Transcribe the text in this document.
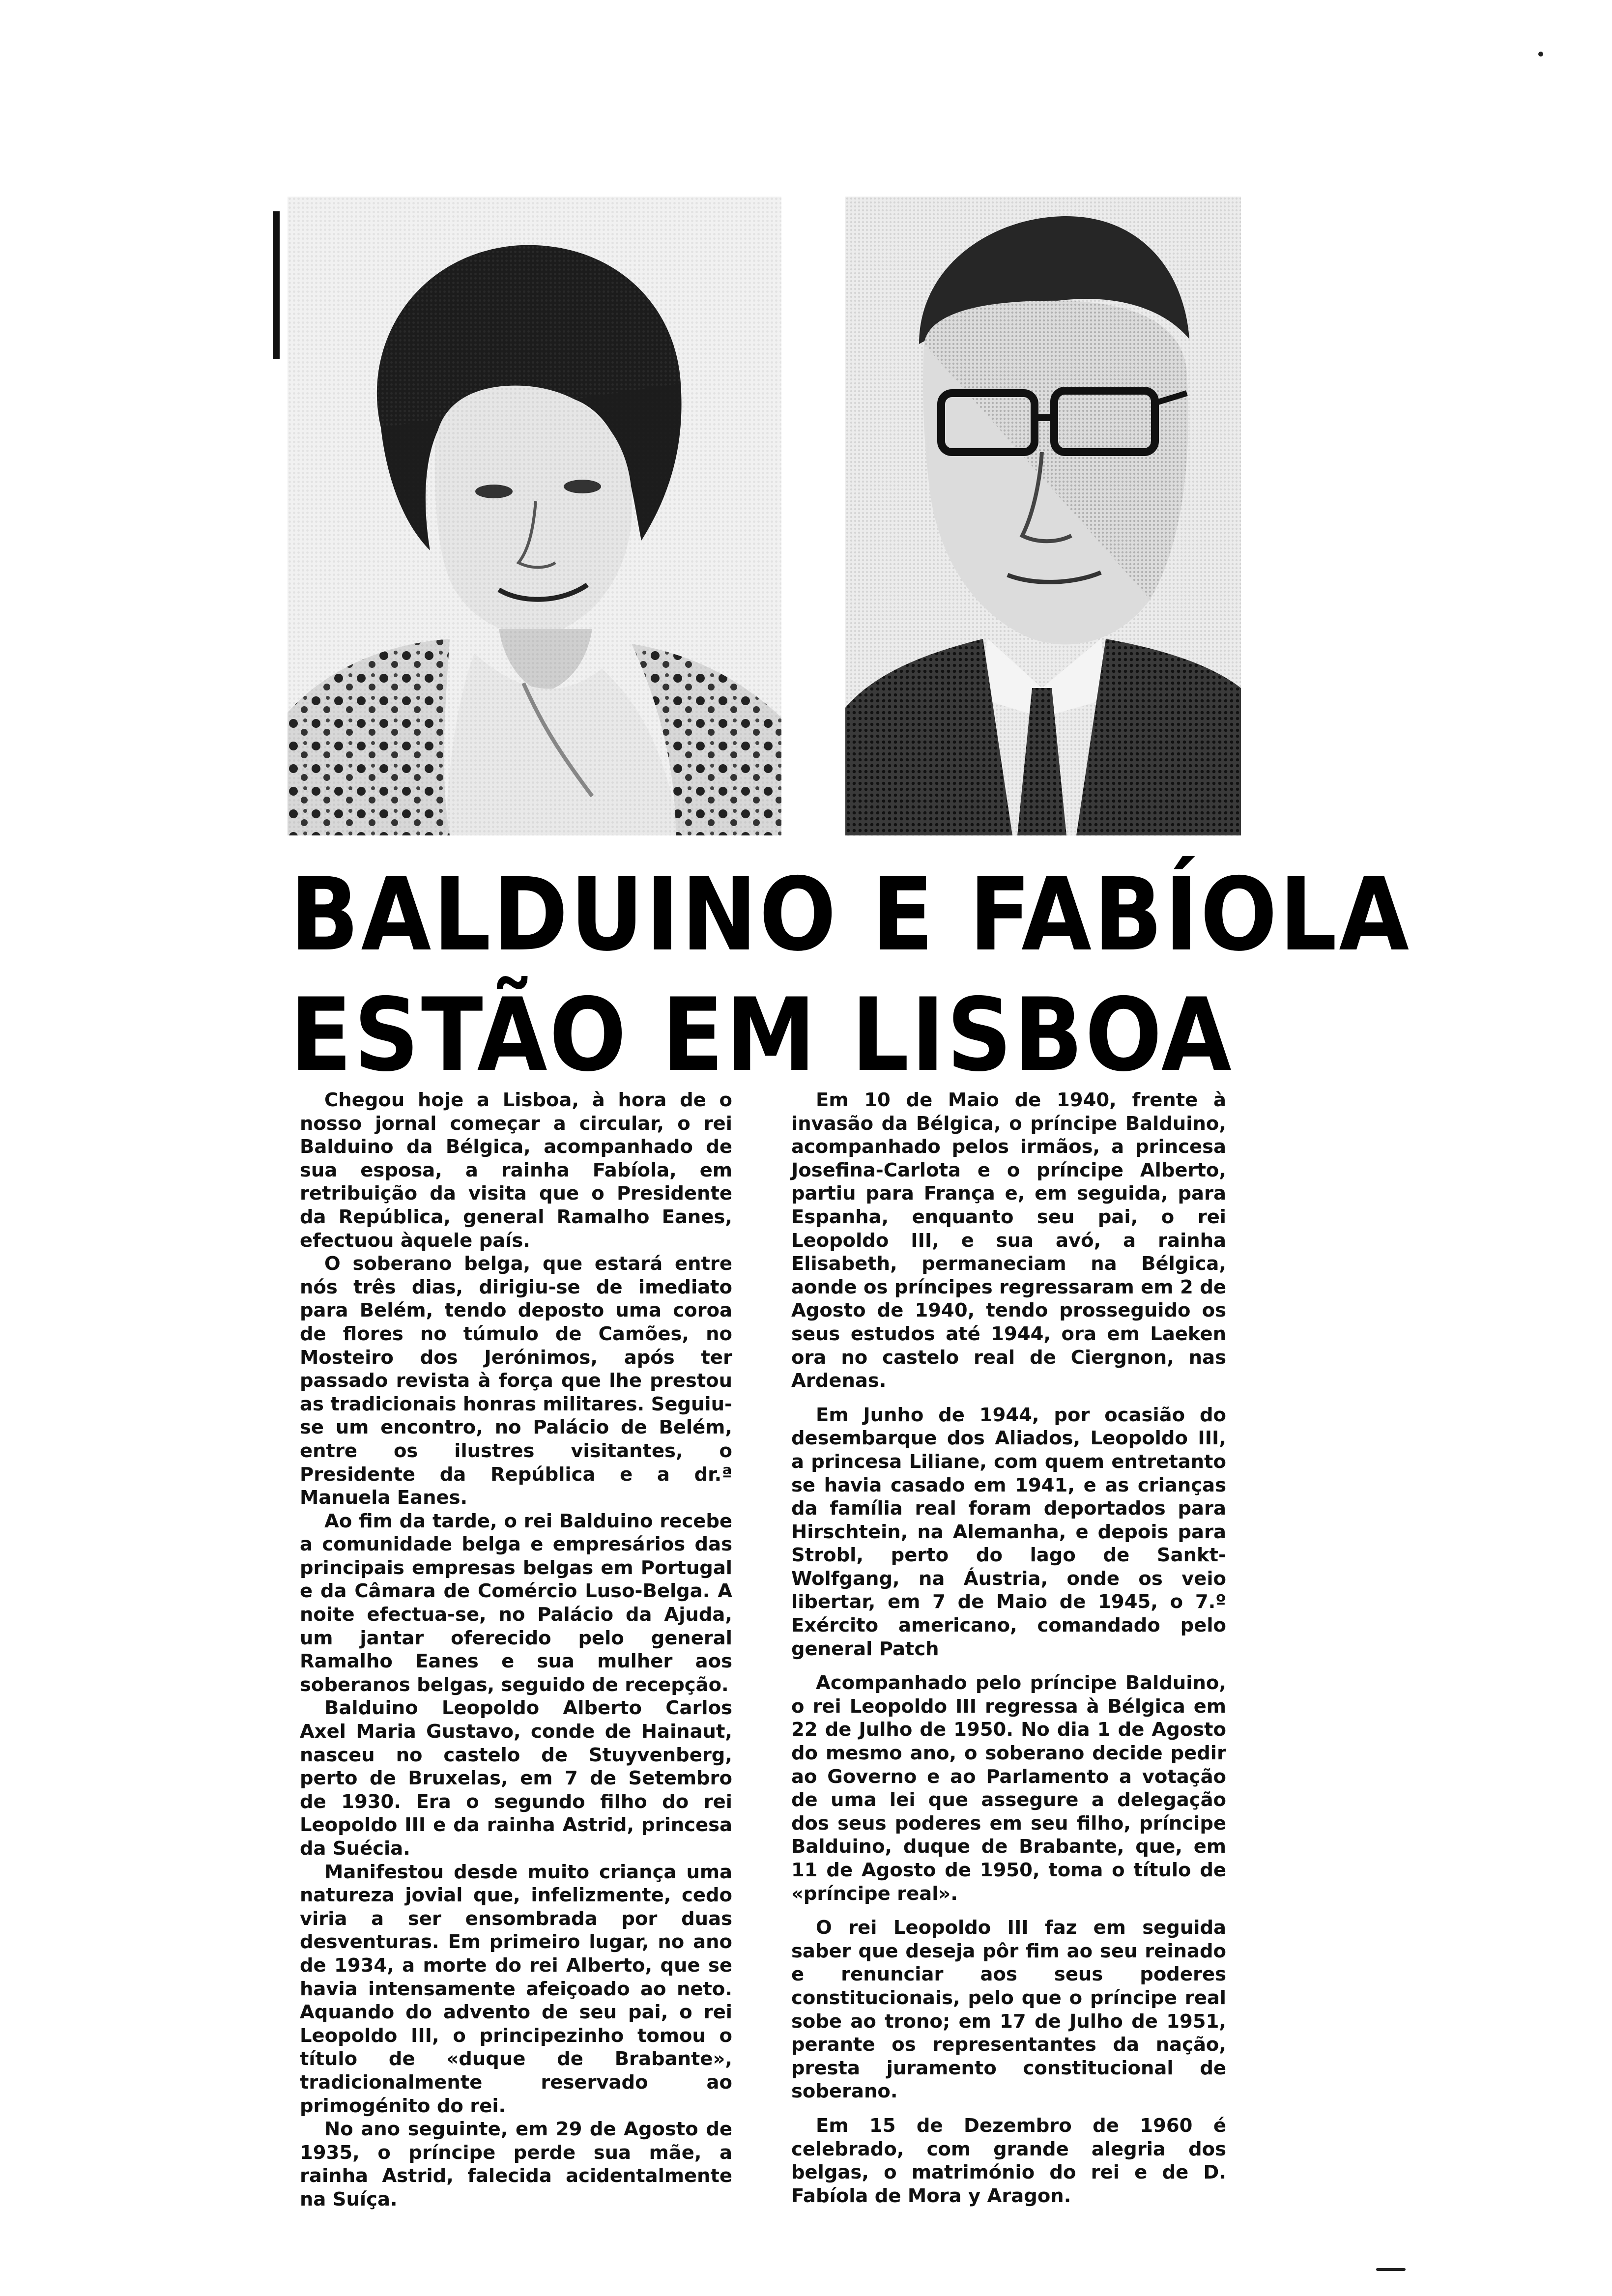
BALDUINO E FABÍOLA
ESTÃO EM LISBOA

Chegou hoje a Lisboa, à hora de o nosso jornal começar a circular, o rei Balduino da Bélgica, acompanhado de sua esposa, a rainha Fabíola, em retribuição da visita que o Presidente da República, general Ramalho Eanes, efectuou àquele país.

O soberano belga, que estará entre nós três dias, dirigiu-se de imediato para Belém, tendo deposto uma coroa de flores no túmulo de Camões, no Mosteiro dos Jerónimos, após ter passado revista à força que lhe prestou as tradicionais honras militares. Seguiu-se um encontro, no Palácio de Belém, entre os ilustres visitantes, o Presidente da República e a dr.ª Manuela Eanes.

Ao fim da tarde, o rei Balduino recebe a comunidade belga e empresários das principais empresas belgas em Portugal e da Câmara de Comércio Luso-Belga. A noite efectua-se, no Palácio da Ajuda, um jantar oferecido pelo general Ramalho Eanes e sua mulher aos soberanos belgas, seguido de recepção.

Balduino Leopoldo Alberto Carlos Axel Maria Gustavo, conde de Hainaut, nasceu no castelo de Stuyvenberg, perto de Bruxelas, em 7 de Setembro de 1930. Era o segundo filho do rei Leopoldo III e da rainha Astrid, princesa da Suécia.

Manifestou desde muito criança uma natureza jovial que, infelizmente, cedo viria a ser ensombrada por duas desventuras. Em primeiro lugar, no ano de 1934, a morte do rei Alberto, que se havia intensamente afeiçoado ao neto. Aquando do advento de seu pai, o rei Leopoldo III, o principezinho tomou o título de «duque de Brabante», tradicionalmente reservado ao primogénito do rei.

No ano seguinte, em 29 de Agosto de 1935, o príncipe perde sua mãe, a rainha Astrid, falecida acidentalmente na Suíça.

Em 10 de Maio de 1940, frente à invasão da Bélgica, o príncipe Balduino, acompanhado pelos irmãos, a princesa Josefina-Carlota e o príncipe Alberto, partiu para França e, em seguida, para Espanha, enquanto seu pai, o rei Leopoldo III, e sua avó, a rainha Elisabeth, permaneciam na Bélgica, aonde os príncipes regressaram em 2 de Agosto de 1940, tendo prosseguido os seus estudos até 1944, ora em Laeken ora no castelo real de Ciergnon, nas Ardenas.

Em Junho de 1944, por ocasião do desembarque dos Aliados, Leopoldo III, a princesa Liliane, com quem entretanto se havia casado em 1941, e as crianças da família real foram deportados para Hirschtein, na Alemanha, e depois para Strobl, perto do lago de Sankt-Wolfgang, na Áustria, onde os veio libertar, em 7 de Maio de 1945, o 7.º Exército americano, comandado pelo general Patch

Acompanhado pelo príncipe Balduino, o rei Leopoldo III regressa à Bélgica em 22 de Julho de 1950. No dia 1 de Agosto do mesmo ano, o soberano decide pedir ao Governo e ao Parlamento a votação de uma lei que assegure a delegação dos seus poderes em seu filho, príncipe Balduino, duque de Brabante, que, em 11 de Agosto de 1950, toma o título de «príncipe real».

O rei Leopoldo III faz em seguida saber que deseja pôr fim ao seu reinado e renunciar aos seus poderes constitucionais, pelo que o príncipe real sobe ao trono; em 17 de Julho de 1951, perante os representantes da nação, presta juramento constitucional de soberano.

Em 15 de Dezembro de 1960 é celebrado, com grande alegria dos belgas, o matrimónio do rei e de D. Fabíola de Mora y Aragon.
